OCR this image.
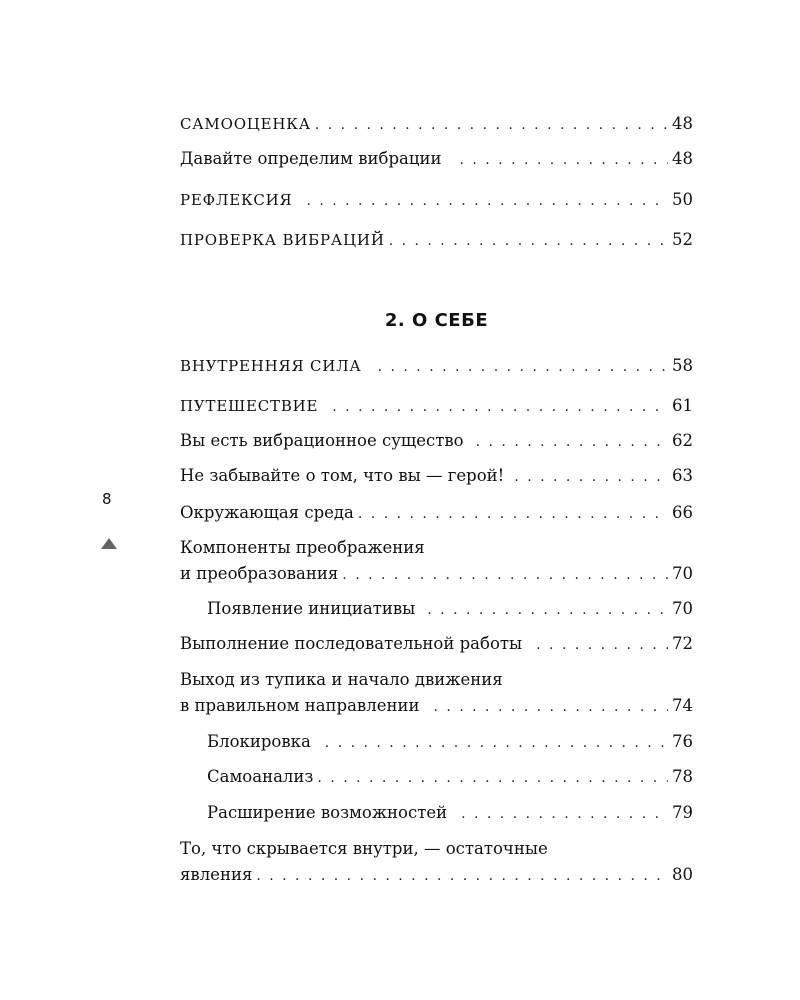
САМООЦЕНКА . . .	48
Давайте определим вибрации . . .	48
РЕФЛЕКСИЯ . . .	50
ПРОВЕРКА ВИБРАЦИЙ . . .	52
ВНУТРЕННЯЯ СИЛА . . .	58
ПУТЕШЕСТВИЕ . . .	61
Вы есть вибрационное существо . . .	62
Не забывайте о том, что вы — герой! . . .	63
Окружающая среда . . .	66
Компоненты преображения
и преобразования . . .	70
Появление инициативы . . .	70
Выполнение последовательной работы . . .	72
Выход из тупика и начало движения
в правильном направлении . . .	74
Блокировка . . .	76
Самоанализ . . .	78
Расширение возможностей . . .	79
То, что скрывается внутри, — остаточные
явления . . .	80
2. О СЕБЕ
8
